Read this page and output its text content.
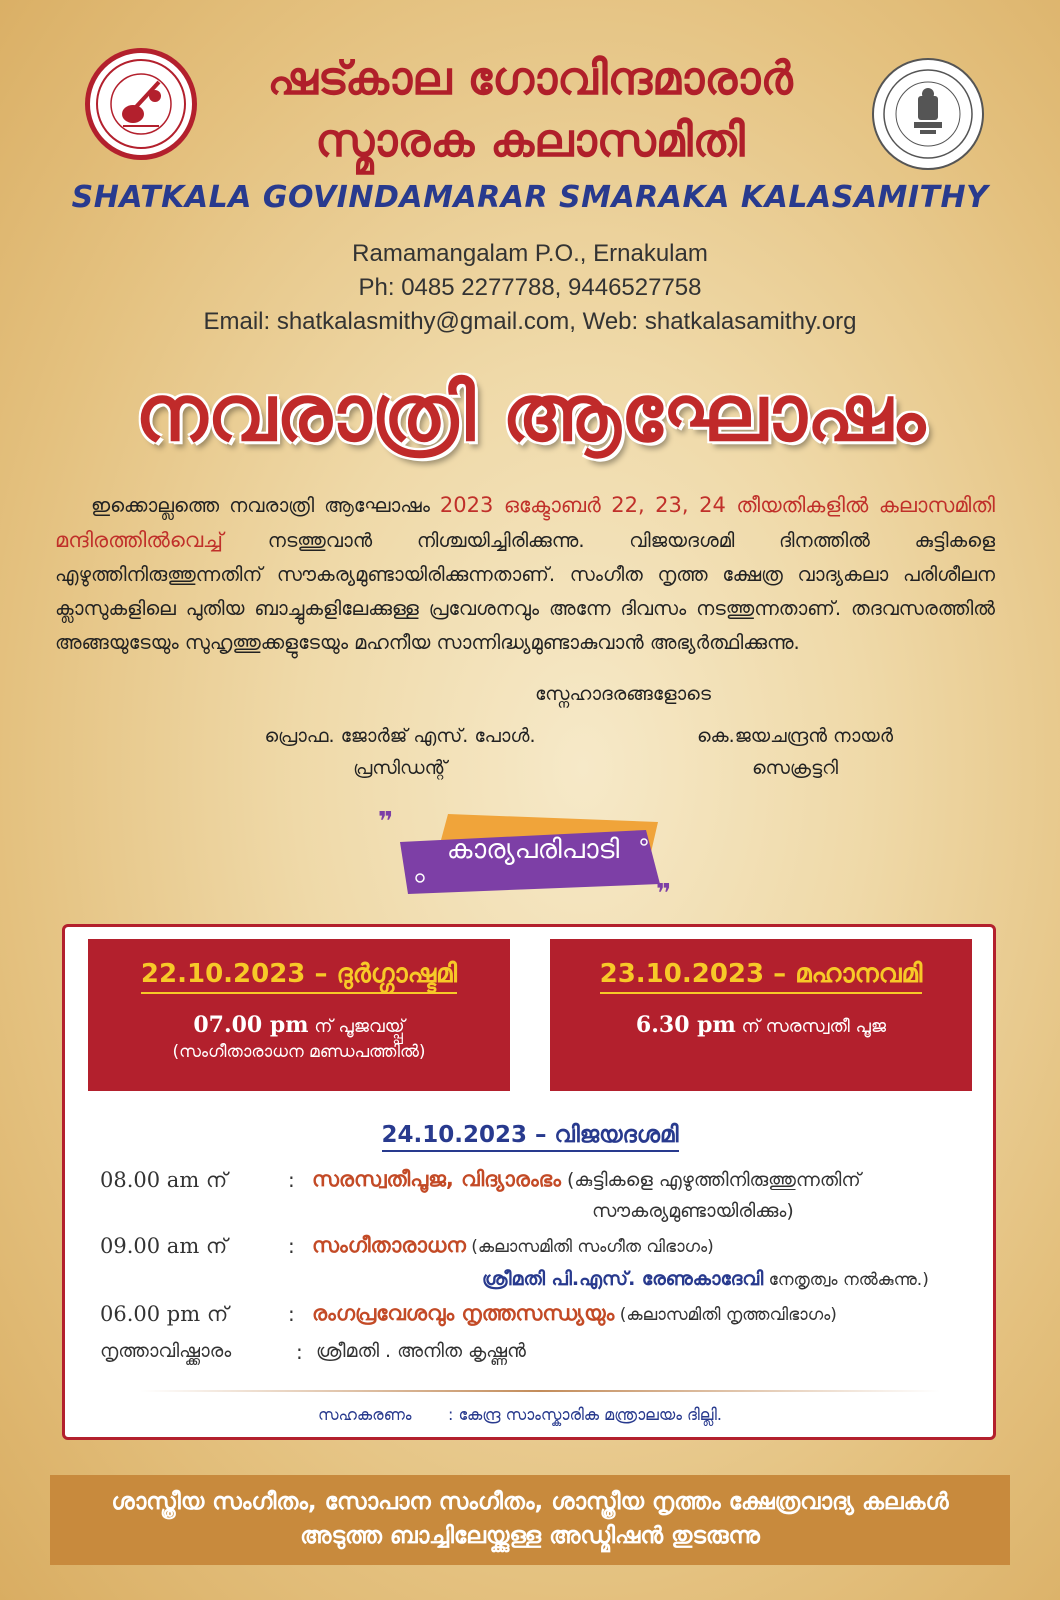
ഷട്കാല ഗോവിന്ദമാരാർ
സ്മാരക കലാസമിതി
SHATKALA GOVINDAMARAR SMARAKA KALASAMITHY
Ramamangalam P.O., Ernakulam
Ph: 0485 2277788, 9446527758
Email: shatkalasmithy@gmail.com, Web: shatkalasamithy.org
നവരാത്രി ആഘോഷം
ഇക്കൊല്ലത്തെ നവരാത്രി ആഘോഷം 2023 ഒക്ടോബർ 22, 23, 24 തീയതികളിൽ കലാസമിതി മന്ദിരത്തിൽവെച്ച് നടത്തുവാൻ നിശ്ചയിച്ചിരിക്കുന്നു. വിജയദശമി ദിനത്തിൽ കുട്ടികളെ എഴുത്തിനിരുത്തുന്നതിന് സൗകര്യമുണ്ടായിരിക്കുന്നതാണ്. സംഗീത നൃത്ത ക്ഷേത്ര വാദ്യകലാ പരിശീലന ക്ലാസുകളിലെ പുതിയ ബാച്ചുകളിലേക്കുള്ള പ്രവേശനവും അന്നേ ദിവസം നടത്തുന്നതാണ്. തദവസരത്തിൽ അങ്ങയുടേയും സുഹൃത്തുക്കളുടേയും മഹനീയ സാന്നിദ്ധ്യമുണ്ടാകുവാൻ അഭ്യർത്ഥിക്കുന്നു.
സ്നേഹാദരങ്ങളോടെ
പ്രൊഫ. ജോർജ് എസ്. പോൾ.
പ്രസിഡന്റ്
കെ.ജയചന്ദ്രൻ നായർ
സെക്രട്ടറി
❞
❞
കാര്യപരിപാടി
22.10.2023 – ദുർഗ്ഗാഷ്ടമി
07.00 pm ന് പൂജവയ്പ്പ്
(സംഗീതാരാധന മണ്ഡപത്തിൽ)
23.10.2023 – മഹാനവമി
6.30 pm ന് സരസ്വതീ പൂജ
24.10.2023 – വിജയദശമി
08.00 am ന്	: സരസ്വതീപൂജ, വിദ്യാരംഭം (കുട്ടികളെ എഴുത്തിനിരുത്തുന്നതിന്
സൗകര്യമുണ്ടായിരിക്കും)
09.00 am ന്	: സംഗീതാരാധന (കലാസമിതി സംഗീത വിഭാഗം)
ശ്രീമതി പി.എസ്. രേണുകാദേവി നേതൃത്വം നൽകുന്നു.)
06.00 pm ന്	: രംഗപ്രവേശവും നൃത്തസന്ധ്യയും (കലാസമിതി നൃത്തവിഭാഗം)
നൃത്താവിഷ്ക്കാരം	: ശ്രീമതി . അനിത കൃഷ്ണൻ
സഹകരണം : കേന്ദ്ര സാംസ്കാരിക മന്ത്രാലയം ദില്ലി.
ശാസ്ത്രീയ സംഗീതം, സോപാന സംഗീതം, ശാസ്ത്രീയ നൃത്തം ക്ഷേത്രവാദ്യ കലകൾ
അടുത്ത ബാച്ചിലേയ്ക്കുള്ള അഡ്മിഷൻ തുടരുന്നു
